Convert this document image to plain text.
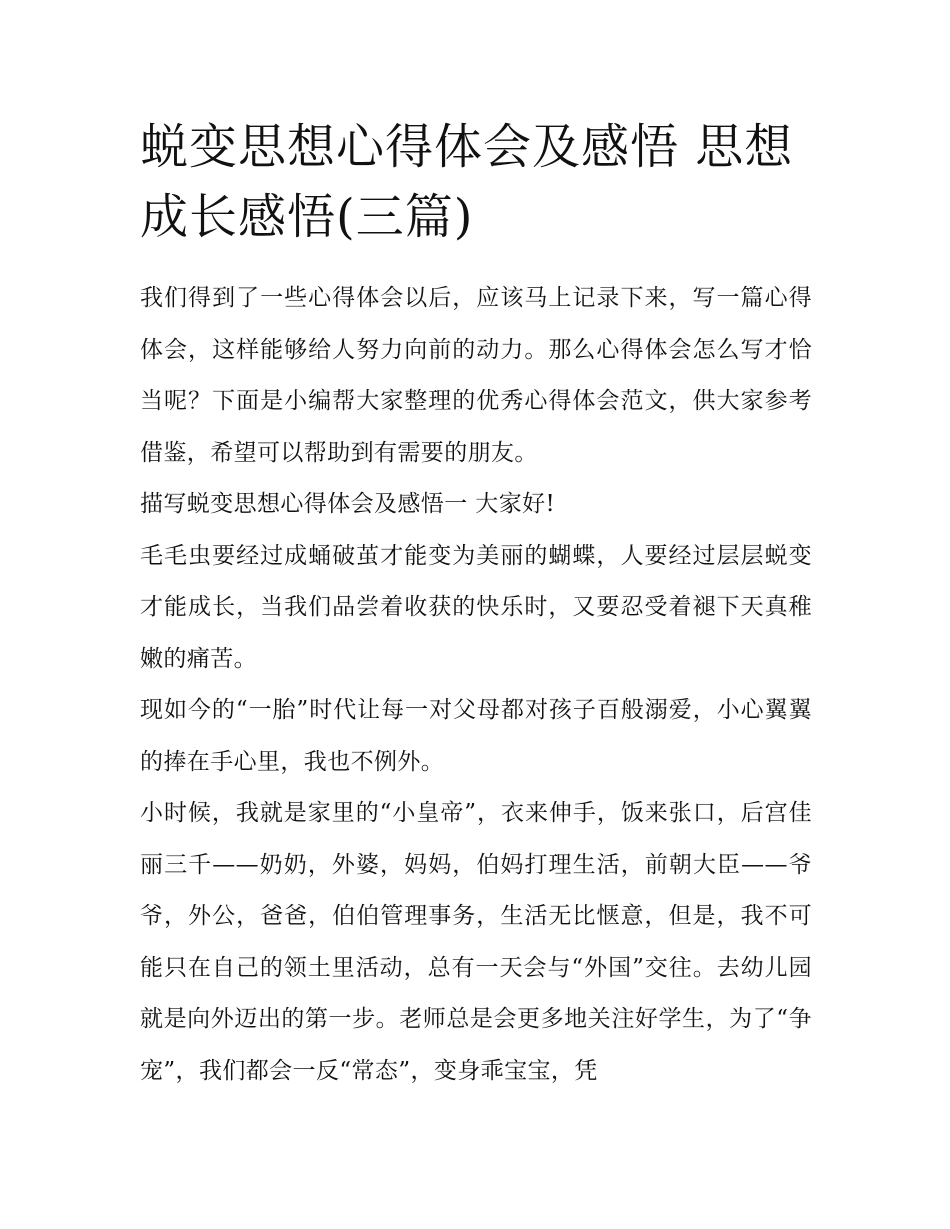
蜕变思想心得体会及感悟 思想成长感悟(三篇)

我们得到了一些心得体会以后，应该马上记录下来，写一篇心得体会，这样能够给人努力向前的动力。那么心得体会怎么写才恰当呢？下面是小编帮大家整理的优秀心得体会范文，供大家参考借鉴，希望可以帮助到有需要的朋友。

描写蜕变思想心得体会及感悟一 大家好!

毛毛虫要经过成蛹破茧才能变为美丽的蝴蝶，人要经过层层蜕变才能成长，当我们品尝着收获的快乐时，又要忍受着褪下天真稚嫩的痛苦。

现如今的“一胎”时代让每一对父母都对孩子百般溺爱，小心翼翼的捧在手心里，我也不例外。

小时候，我就是家里的“小皇帝”，衣来伸手，饭来张口，后宫佳丽三千——奶奶，外婆，妈妈，伯妈打理生活，前朝大臣——爷爷，外公，爸爸，伯伯管理事务，生活无比惬意，但是，我不可能只在自己的领土里活动，总有一天会与“外国”交往。去幼儿园就是向外迈出的第一步。老师总是会更多地关注好学生，为了“争宠”，我们都会一反“常态”，变身乖宝宝，凭
